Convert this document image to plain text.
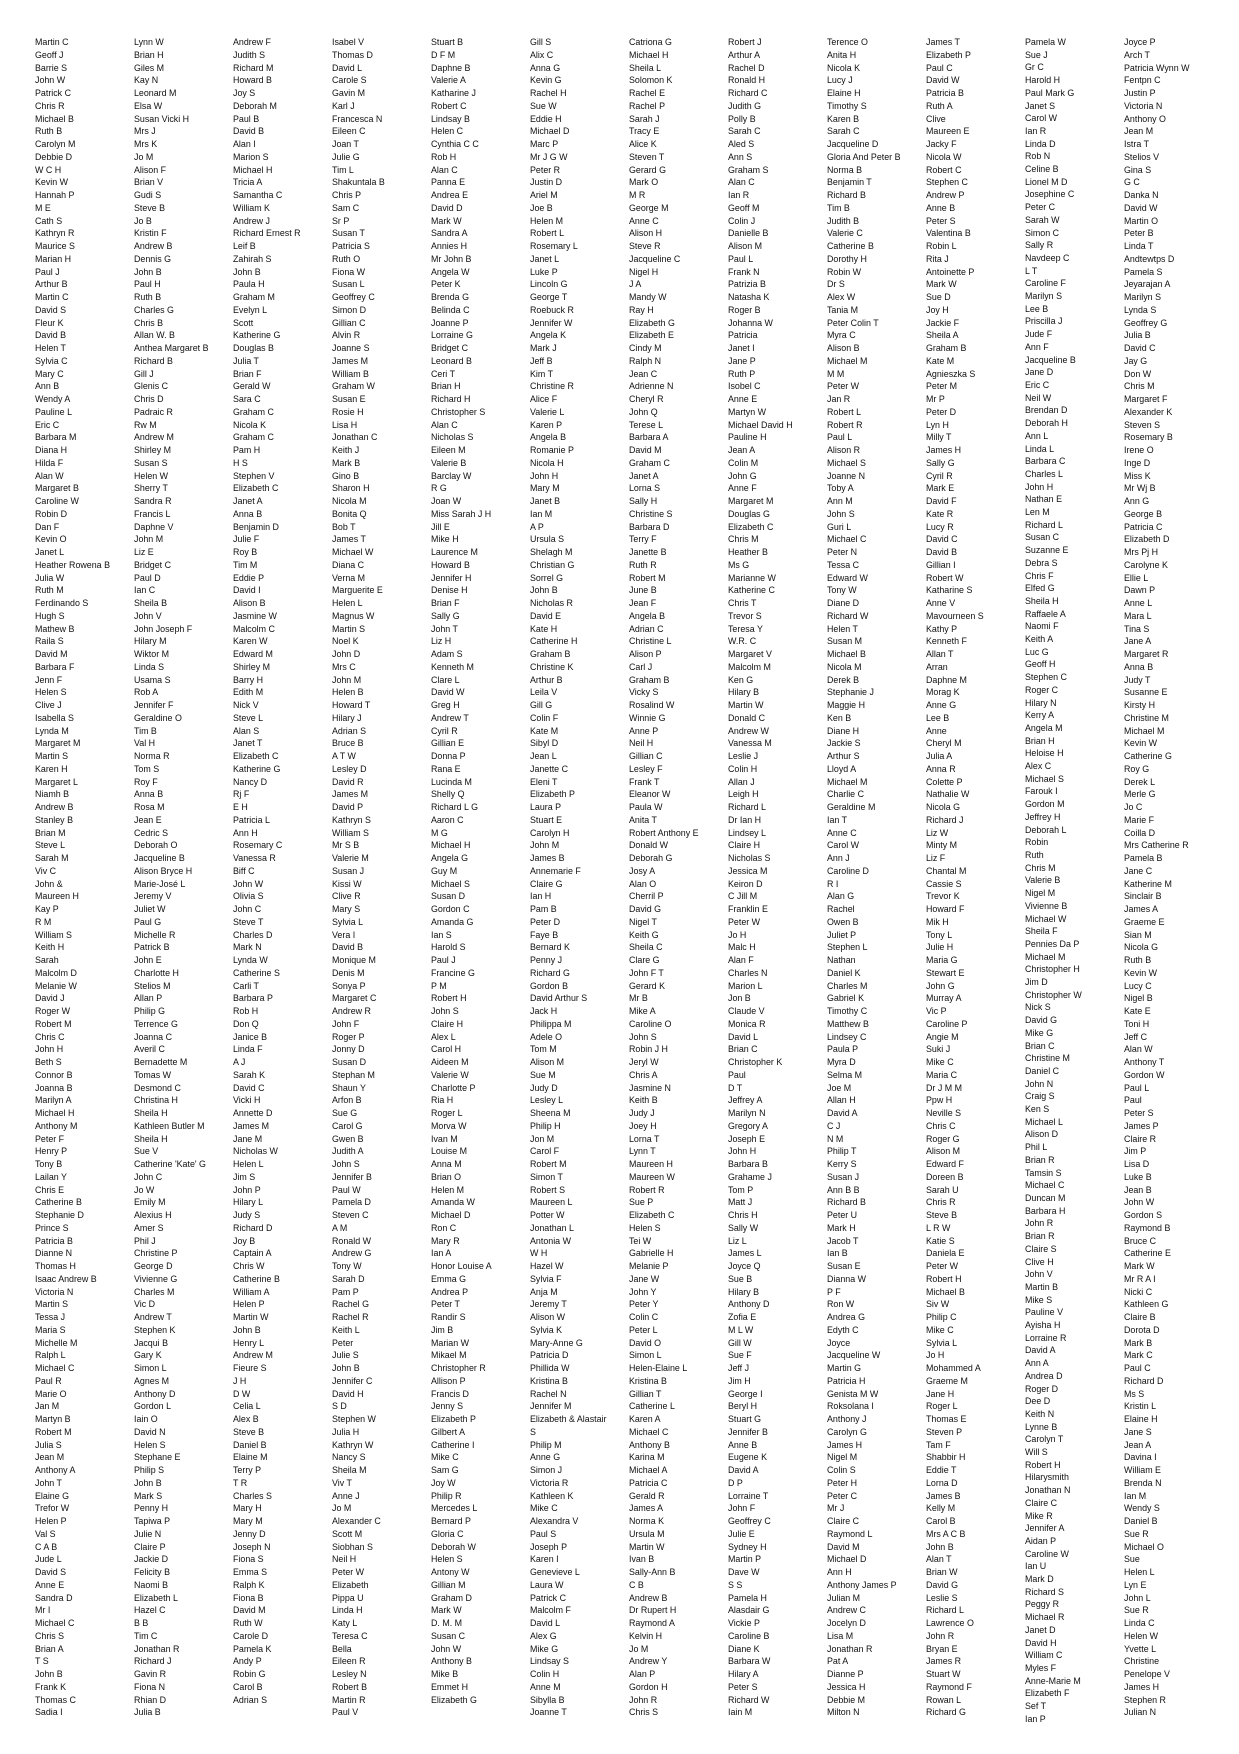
Martin C
Geoff J
Barrie S
John W
Patrick C
Chris R
Michael B
Ruth B
Carolyn M
Debbie D
W C H
Kevin W
Hannah P
M E
Cath S
Kathryn R
Maurice S
Marian H
Paul J
Arthur B
Martin C
David S
Fleur K
David B
Helen T
Sylvia C
Mary C
Ann B
Wendy A
Pauline L
Eric C
Barbara M
Diana H
Hilda F
Alan W
Margaret B
Caroline W
Robin D
Dan F
Kevin O
Janet L
Heather Rowena B
Julia W
Ruth M
Ferdinando S
Hugh S
Mathew B
Raila S
David M
Barbara F
Jenn F
Helen S
Clive J
Isabella S
Lynda M
Margaret M
Martin S
Karen H
Margaret L
Niamh B
Andrew B
Stanley B
Brian M
Steve L
Sarah M
Viv C
John &
Maureen H
Kay P
R M
William S
Keith H
Sarah
Malcolm D
Melanie W
David J
Roger W
Robert M
Chris C
John H
Beth S
Connor B
Joanna B
Marilyn A
Michael H
Anthony M
Peter F
Henry P
Tony B
Lailan Y
Chris E
Catherine B
Stephanie D
Prince S
Patricia B
Dianne N
Thomas H
Isaac Andrew B
Victoria N
Martin S
Tessa J
Maria S
Michelle M
Ralph L
Michael C
Paul R
Marie O
Jan M
Martyn B
Robert M
Julia S
Jean M
Anthony A
John T
Elaine G
Trefor W
Helen P
Val S
C A B
Jude L
David S
Anne E
Sandra D
Mr I
Michael C
Chris S
Brian A
T S
John B
Frank K
Thomas C
Sadia I
Lynn W
Brian H
Giles M
Kay N
Leonard M
Elsa W
Susan Vicki H
Mrs J
Mrs K
Jo M
Alison F
Brian V
Gudi S
Steve B
Jo B
Kristin F
Andrew B
Dennis G
John B
Paul H
Ruth B
Charles G
Chris B
Allan W. B
Anthea Margaret B
Richard B
Gill J
Glenis C
Chris D
Padraic R
Rw M
Andrew M
Shirley M
Susan S
Helen W
Sherry T
Sandra R
Francis L
Daphne V
John M
Liz E
Bridget C
Paul D
Ian C
Sheila B
John V
John Joseph F
Hilary M
Wiktor M
Linda S
Usama S
Rob A
Jennifer F
Geraldine O
Tim B
Val H
Norma R
Tom S
Roy F
Anna B
Rosa M
Jean E
Cedric S
Deborah O
Jacqueline B
Alison Bryce H
Marie-José L
Jeremy V
Juliet W
Paul G
Michelle R
Patrick B
John E
Charlotte H
Stelios M
Allan P
Philip G
Terrence G
Joanna C
Averil C
Bernadette M
Tomas W
Desmond C
Christina H
Sheila H
Kathleen Butler M
Sheila H
Sue V
Catherine 'Kate' G
John C
Jo W
Emily M
Alexius H
Amer S
Phil J
Christine P
George D
Vivienne G
Charles M
Vic D
Andrew T
Stephen K
Jacqui B
Gary K
Simon L
Agnes M
Anthony D
Gordon L
Iain O
David N
Helen S
Stephane E
Philip S
John B
Mark S
Penny H
Tapiwa P
Julie N
Claire P
Jackie D
Felicity B
Naomi B
Elizabeth L
Hazel C
B B
Tim C
Jonathan R
Richard J
Gavin R
Fiona N
Rhian D
Julia B
Andrew F
Judith S
Richard M
Howard B
Joy S
Deborah M
Paul B
David B
Alan I
Marion S
Michael H
Tricia A
Samantha C
William K
Andrew J
Richard Ernest R
Leif B
Zahirah S
John B
Paula H
Graham M
Evelyn L
Scott
Katherine G
Douglas B
Julia T
Brian F
Gerald W
Sara C
Graham C
Nicola K
Graham C
Pam H
H S
Stephen V
Elizabeth C
Janet A
Anna B
Benjamin D
Julie F
Roy B
Tim M
Eddie P
David I
Alison B
Jasmine W
Malcolm C
Karen W
Edward M
Shirley M
Barry H
Edith M
Nick V
Steve L
Alan S
Janet T
Elizabeth C
Katherine G
Nancy D
Rj F
E H
Patricia L
Ann H
Rosemary C
Vanessa R
Biff C
John W
Olivia S
John C
Steve T
Charles D
Mark N
Lynda W
Catherine S
Carli T
Barbara P
Rob H
Don Q
Janice B
Linda F
A J
Sarah K
David C
Vicki H
Annette D
James M
Jane M
Nicholas W
Helen L
Jim S
John P
Hilary L
Judy S
Richard D
Joy B
Captain A
Chris W
Catherine B
William A
Helen P
Martin W
John B
Henry L
Andrew M
Fieure S
J H
D W
Celia L
Alex B
Steve B
Daniel B
Elaine M
Terry P
T R
Charles S
Mary H
Mary M
Jenny D
Joseph N
Fiona S
Emma S
Ralph K
Fiona B
David M
Ruth W
Carole D
Pamela K
Andy P
Robin G
Carol B
Adrian S
Isabel V
Thomas D
David L
Carole S
Gavin M
Karl J
Francesca N
Eileen C
Joan T
Julie G
Tim L
Shakuntala B
Chris P
Sam C
Sr P
Susan T
Patricia S
Ruth O
Fiona W
Susan L
Geoffrey C
Simon D
Gillian C
Alvin R
Joanne S
James M
William B
Graham W
Susan E
Rosie H
Lisa H
Jonathan C
Keith J
Mark B
Gino B
Sharon H
Nicola M
Bonita Q
Bob T
James T
Michael W
Diana C
Verna M
Marguerite E
Helen L
Magnus W
Martin S
Noel K
John D
Mrs C
John M
Helen B
Howard T
Hilary J
Adrian S
Bruce B
A T W
Lesley D
David R
James M
David P
Kathryn S
William S
Mr S B
Valerie M
Susan J
Kissi W
Clive R
Mary S
Sylvia L
Vera I
David B
Monique M
Denis M
Sonya P
Margaret C
Andrew R
John F
Roger P
Jonny D
Susan D
Stephan M
Shaun Y
Arfon B
Sue G
Carol G
Gwen B
Judith A
John S
Jennifer B
Paul W
Pamela D
Steven C
A M
Ronald W
Andrew G
Tony W
Sarah D
Pam P
Rachel G
Rachel R
Keith L
Peter
Julie S
John B
Jennifer C
David H
S D
Stephen W
Julia H
Kathryn W
Nancy S
Sheila M
Viv T
Anne J
Jo M
Alexander C
Scott M
Siobhan S
Neil H
Peter W
Elizabeth
Pippa U
Linda H
Katy L
Teresa C
Bella
Eileen R
Lesley N
Robert B
Martin R
Paul V
Stuart B
D F M
Daphne B
Valerie A
Katharine J
Robert C
Lindsay B
Helen C
Cynthia C C
Rob H
Alan C
Panna E
Andrea E
David D
Mark W
Sandra A
Annies H
Mr John B
Angela W
Peter K
Brenda G
Belinda C
Joanne P
Lorraine G
Bridget C
Leonard B
Ceri T
Brian H
Richard H
Christopher S
Alan C
Nicholas S
Eileen M
Valerie B
Barclay W
R G
Joan W
Miss Sarah J H
Jill E
Mike H
Laurence M
Howard B
Jennifer H
Denise H
Brian F
Sally G
John T
Liz H
Adam S
Kenneth M
Clare L
David W
Greg H
Andrew T
Cyril R
Gillian E
Donna P
Rana E
Lucinda M
Shelly Q
Richard L G
Aaron C
M G
Michael H
Angela G
Guy M
Michael S
Susan D
Gordon C
Amanda G
Ian S
Harold S
Paul J
Francine G
P M
Robert H
John S
Claire H
Alex L
Carol H
Aideen M
Valerie W
Charlotte P
Ria H
Roger L
Morva W
Ivan M
Louise M
Anna M
Brian O
Helen M
Amanda W
Michael D
Ron C
Mary R
Ian A
Honor Louise A
Emma G
Andrea P
Peter T
Randir S
Jim B
Marian W
Mikael M
Christopher R
Allison P
Francis D
Jenny S
Elizabeth P
Gilbert A
Catherine I
Mike C
Sam G
Joy W
Philip R
Mercedes L
Bernard P
Gloria C
Deborah W
Helen S
Antony W
Gillian M
Graham D
Mark W
D. M. M
Susan C
John W
Anthony B
Mike B
Emmet H
Elizabeth G
Gill S
Alix C
Anna G
Kevin G
Rachel H
Sue W
Eddie H
Michael D
Marc P
Mr J G W
Peter R
Justin D
Ariel M
Joe B
Helen M
Robert L
Rosemary L
Janet L
Luke P
Lincoln G
George T
Roebuck R
Jennifer W
Angela K
Mark J
Jeff B
Kim T
Christine R
Alice F
Valerie L
Karen P
Angela B
Romanie P
Nicola H
John H
Mary M
Janet B
Ian M
A P
Ursula S
Shelagh M
Christian G
Sorrel G
John B
Nicholas R
David E
Kate H
Catherine H
Graham B
Christine K
Arthur B
Leila V
Gill G
Colin F
Kate M
Sibyl D
Jean L
Janette C
Eleni T
Elizabeth P
Laura P
Stuart E
Carolyn H
John M
James B
Annemarie F
Claire G
Ian H
Pam B
Peter D
Faye B
Bernard K
Penny J
Richard G
Gordon B
David Arthur S
Jack H
Philippa M
Adele O
Tom M
Alison M
Sue M
Judy D
Lesley L
Sheena M
Philip H
Jon M
Carol F
Robert M
Simon T
Robert S
Maureen L
Potter W
Jonathan L
Antonia W
W H
Hazel W
Sylvia F
Anja M
Jeremy T
Alison W
Sylvia K
Mary-Anne G
Patricia D
Phillida W
Kristina B
Rachel N
Jennifer M
Elizabeth & Alastair
S
Philip M
Anne G
Simon J
Victoria R
Kathleen K
Mike C
Alexandra V
Paul S
Joseph P
Karen I
Genevieve L
Laura W
Patrick C
Malcolm F
David L
Alex G
Mike G
Lindsay S
Colin H
Anne M
Sibylla B
Joanne T
Catriona G
Michael H
Sheila L
Solomon K
Rachel E
Rachel P
Sarah J
Tracy E
Alice K
Steven T
Gerard G
Mark O
M R
George M
Anne C
Alison H
Steve R
Jacqueline C
Nigel H
J A
Mandy W
Ray H
Elizabeth G
Elizabeth E
Cindy M
Ralph N
Jean C
Adrienne N
Cheryl R
John Q
Terese L
Barbara A
David M
Graham C
Janet A
Lorna S
Sally H
Christine S
Barbara D
Terry F
Janette B
Ruth R
Robert M
June B
Jean F
Angela B
Adrian C
Christine L
Alison P
Carl J
Graham B
Vicky S
Rosalind W
Winnie G
Anne P
Neil H
Gillian C
Lesley F
Frank T
Eleanor W
Paula W
Anita T
Robert Anthony E
Donald W
Deborah G
Josy A
Alan O
Cherril P
David G
Nigel T
Keith G
Sheila C
Clare G
John F T
Gerard K
Mr B
Mike A
Caroline O
John S
Robin J H
Jeryl W
Chris A
Jasmine N
Keith B
Judy J
Joey H
Lorna T
Lynn T
Maureen H
Maureen W
Robert R
Sue P
Elizabeth C
Helen S
Tei W
Gabrielle H
Melanie P
Jane W
John Y
Peter Y
Colin C
Peter L
David O
Simon L
Helen-Elaine L
Kristina B
Gillian T
Catherine L
Karen A
Michael C
Anthony B
Karina M
Michael A
Patricia C
Gerald R
James A
Norma K
Ursula M
Martin W
Ivan B
Sally-Ann B
C B
Andrew B
Dr Rupert H
Raymond A
Kelvin H
Jo M
Andrew Y
Alan P
Gordon H
John R
Chris S
Robert J
Arthur A
Rachel D
Ronald H
Richard C
Judith G
Polly B
Sarah C
Aled S
Ann S
Graham S
Alan C
Ian R
Geoff M
Colin J
Danielle B
Alison M
Paul L
Frank N
Patrizia B
Natasha K
Roger B
Johanna W
Patricia
Janet I
Jane P
Ruth P
Isobel C
Anne E
Martyn W
Michael David H
Pauline H
Jean A
Colin M
John G
Anne F
Margaret M
Douglas G
Elizabeth C
Chris M
Heather B
Ms G
Marianne W
Katherine C
Chris T
Trevor S
Teresa Y
W.R. C
Margaret V
Malcolm M
Ken G
Hilary B
Martin W
Donald C
Andrew W
Vanessa M
Leslie J
Colin H
Allan J
Leigh H
Richard L
Dr Ian H
Lindsey L
Claire H
Nicholas S
Jessica M
Keiron D
C Jill M
Franklin E
Peter W
Jo H
Malc H
Alan F
Charles N
Marion L
Jon B
Claude V
Monica R
David L
Brian C
Christopher K
Paul
D T
Jeffrey A
Marilyn N
Gregory A
Joseph E
John H
Barbara B
Grahame J
Tom P
Matt J
Chris H
Sally W
Liz L
James L
Joyce Q
Sue B
Hilary B
Anthony D
Zofia E
M L W
Gill W
Sue F
Jeff J
Jim H
George I
Beryl H
Stuart G
Jennifer B
Anne B
Eugene K
David A
D P
Lorraine T
John F
Geoffrey C
Julie E
Sydney H
Martin P
Dave W
S S
Pamela H
Alasdair G
Vickie P
Caroline B
Diane K
Barbara W
Hilary A
Peter S
Richard W
Iain M
Terence O
Anita H
Nicola K
Lucy J
Elaine H
Timothy S
Karen B
Sarah C
Jacqueline D
Gloria And Peter B
Norma B
Benjamin T
Richard B
Tim B
Judith B
Valerie C
Catherine B
Dorothy H
Robin W
Dr S
Alex W
Tania M
Peter Colin T
Myra C
Alison B
Michael M
M M
Peter W
Jan R
Robert L
Robert R
Paul L
Alison R
Michael S
Joanne N
Toby A
Ann M
John S
Guri L
Michael C
Peter N
Tessa C
Edward W
Tony W
Diane D
Richard W
Helen T
Susan M
Michael B
Nicola M
Derek B
Stephanie J
Maggie H
Ken B
Diane H
Jackie S
Arthur S
Lloyd A
Michael M
Charlie C
Geraldine M
Ian T
Anne C
Carol W
Ann J
Caroline D
R I
Alan G
Rachel
Owen B
Juliet P
Stephen L
Nathan
Daniel K
Charles M
Gabriel K
Timothy C
Matthew B
Lindsey C
Paula P
Myra D
Selma M
Joe M
Allan H
David A
C J
N M
Philip T
Kerry S
Susan J
Ann B B
Richard B
Peter U
Mark H
Jacob T
Ian B
Susan E
Dianna W
P F
Ron W
Andrea G
Edyth C
Joyce
Jacqueline W
Martin G
Patricia H
Genista M W
Roksolana I
Anthony J
Carolyn G
James H
Nigel M
Colin S
Peter H
Peter C
Mr J
Claire C
Raymond L
David M
Michael D
Ann H
Anthony James P
Julian M
Andrew C
Jocelyn D
Lisa M
Jonathan R
Pat A
Dianne P
Jessica H
Debbie M
Milton N
James T
Elizabeth P
Paul C
David W
Patricia B
Ruth A
Clive
Maureen E
Jacky F
Nicola W
Robert C
Stephen C
Andrew P
Anne B
Peter S
Valentina B
Robin L
Rita J
Antoinette P
Mark W
Sue D
Joy H
Jackie F
Sheila A
Graham B
Kate M
Agnieszka S
Peter M
Mr P
Peter D
Lyn H
Milly T
James H
Sally G
Cyril R
Mark E
David F
Kate R
Lucy R
David C
David B
Gillian I
Robert W
Katharine S
Anne V
Mavourneen S
Kathy P
Kenneth F
Allan T
Arran
Daphne M
Morag K
Anne G
Lee B
Anne
Cheryl M
Julia A
Anna R
Colette P
Nathalie W
Nicola G
Richard J
Liz W
Minty M
Liz F
Chantal M
Cassie S
Trevor K
Howard F
Mik H
Tony L
Julie H
Maria G
Stewart E
John G
Murray A
Vic P
Caroline P
Angie M
Suki J
Mike C
Maria C
Dr J M M
Ppw H
Neville S
Chris C
Roger G
Alison M
Edward F
Doreen B
Sarah U
Chris R
Steve B
L R W
Katie S
Daniela E
Peter W
Robert H
Michael B
Siv W
Philip C
Mike C
Sylvia L
Jo H
Mohammed A
Graeme M
Jane H
Roger L
Thomas E
Steven P
Tam F
Shabbir H
Eddie T
Lorna D
James B
Kelly M
Carol B
Mrs A C B
John B
Alan T
Brian W
David G
Leslie S
Richard L
Lawrence O
John R
Bryan E
James R
Stuart W
Raymond F
Rowan L
Richard G
Pamela W
Sue J
Gr C
Harold H
Paul Mark G
Janet S
Carol W
Ian R
Linda D
Rob N
Celine B
Lionel M D
Josephine C
Peter C
Sarah W
Simon C
Sally R
Navdeep C
L T
Caroline F
Marilyn S
Lee B
Priscilla J
Jude F
Ann F
Jacqueline B
Jane D
Eric C
Neil W
Brendan D
Deborah H
Ann L
Linda L
Barbara C
Charles L
John H
Nathan E
Len M
Richard L
Susan C
Suzanne E
Debra S
Chris F
Elfed G
Sheila H
Raffaele A
Naomi F
Keith A
Luc G
Geoff H
Stephen C
Roger C
Hilary N
Kerry A
Angela M
Brian H
Heloise H
Alex C
Michael S
Farouk I
Gordon M
Jeffrey H
Deborah L
Robin
Ruth
Chris M
Valerie B
Nigel M
Vivienne B
Michael W
Sheila F
Pennies Da P
Michael M
Christopher H
Jim D
Christopher W
Nick S
David G
Mike G
Brian C
Christine M
Daniel C
John N
Craig S
Ken S
Michael L
Alison D
Phil L
Brian R
Tamsin S
Michael C
Duncan M
Barbara H
John R
Brian R
Claire S
Clive H
John V
Martin B
Mike S
Pauline V
Ayisha H
Lorraine R
David A
Ann A
Andrea D
Roger D
Dee D
Keith N
Lynne B
Carolyn T
Will S
Robert H
Hilarysmith
Jonathan N
Claire C
Mike R
Jennifer A
Aidan P
Caroline W
Ian U
Mark D
Richard S
Peggy R
Michael R
Janet D
David H
William C
Myles F
Anne-Marie M
Elizabeth F
Sef T
Ian P
Joyce P
Arch T
Patricia Wynn W
Fentpn C
Justin P
Victoria N
Anthony O
Jean M
Istra T
Stelios V
Gina S
G C
Danka N
David W
Martin O
Peter B
Linda T
Andtewtps D
Pamela S
Jeyarajan A
Marilyn S
Lynda S
Geoffrey G
Julia B
David C
Jay G
Don W
Chris M
Margaret F
Alexander K
Steven S
Rosemary B
Irene O
Inge D
Miss K
Mr Wj B
Ann G
George B
Patricia C
Elizabeth D
Mrs Pj H
Carolyne K
Ellie L
Dawn P
Anne L
Mara L
Tina S
Jane A
Margaret R
Anna B
Judy T
Susanne E
Kirsty H
Christine M
Michael M
Kevin W
Catherine G
Roy G
Derek L
Merle G
Jo C
Marie F
Coilla D
Mrs Catherine R
Pamela B
Jane C
Katherine M
Sinclair B
James A
Graeme E
Sian M
Nicola G
Ruth B
Kevin W
Lucy C
Nigel B
Kate E
Toni H
Jeff C
Alan W
Anthony T
Gordon W
Paul L
Paul
Peter S
James P
Claire R
Jim P
Lisa D
Luke B
Jean B
John W
Gordon S
Raymond B
Bruce C
Catherine E
Mark W
Mr R A I
Nicki C
Kathleen G
Claire B
Dorota D
Mark B
Mark C
Paul C
Richard D
Ms S
Kristin L
Elaine H
Jane S
Jean A
Davina I
William E
Brenda N
Ian M
Wendy S
Daniel B
Sue R
Michael O
Sue
Helen L
Lyn E
John L
Sue R
Linda C
Helen W
Yvette L
Christine
Penelope V
James H
Stephen R
Julian N
